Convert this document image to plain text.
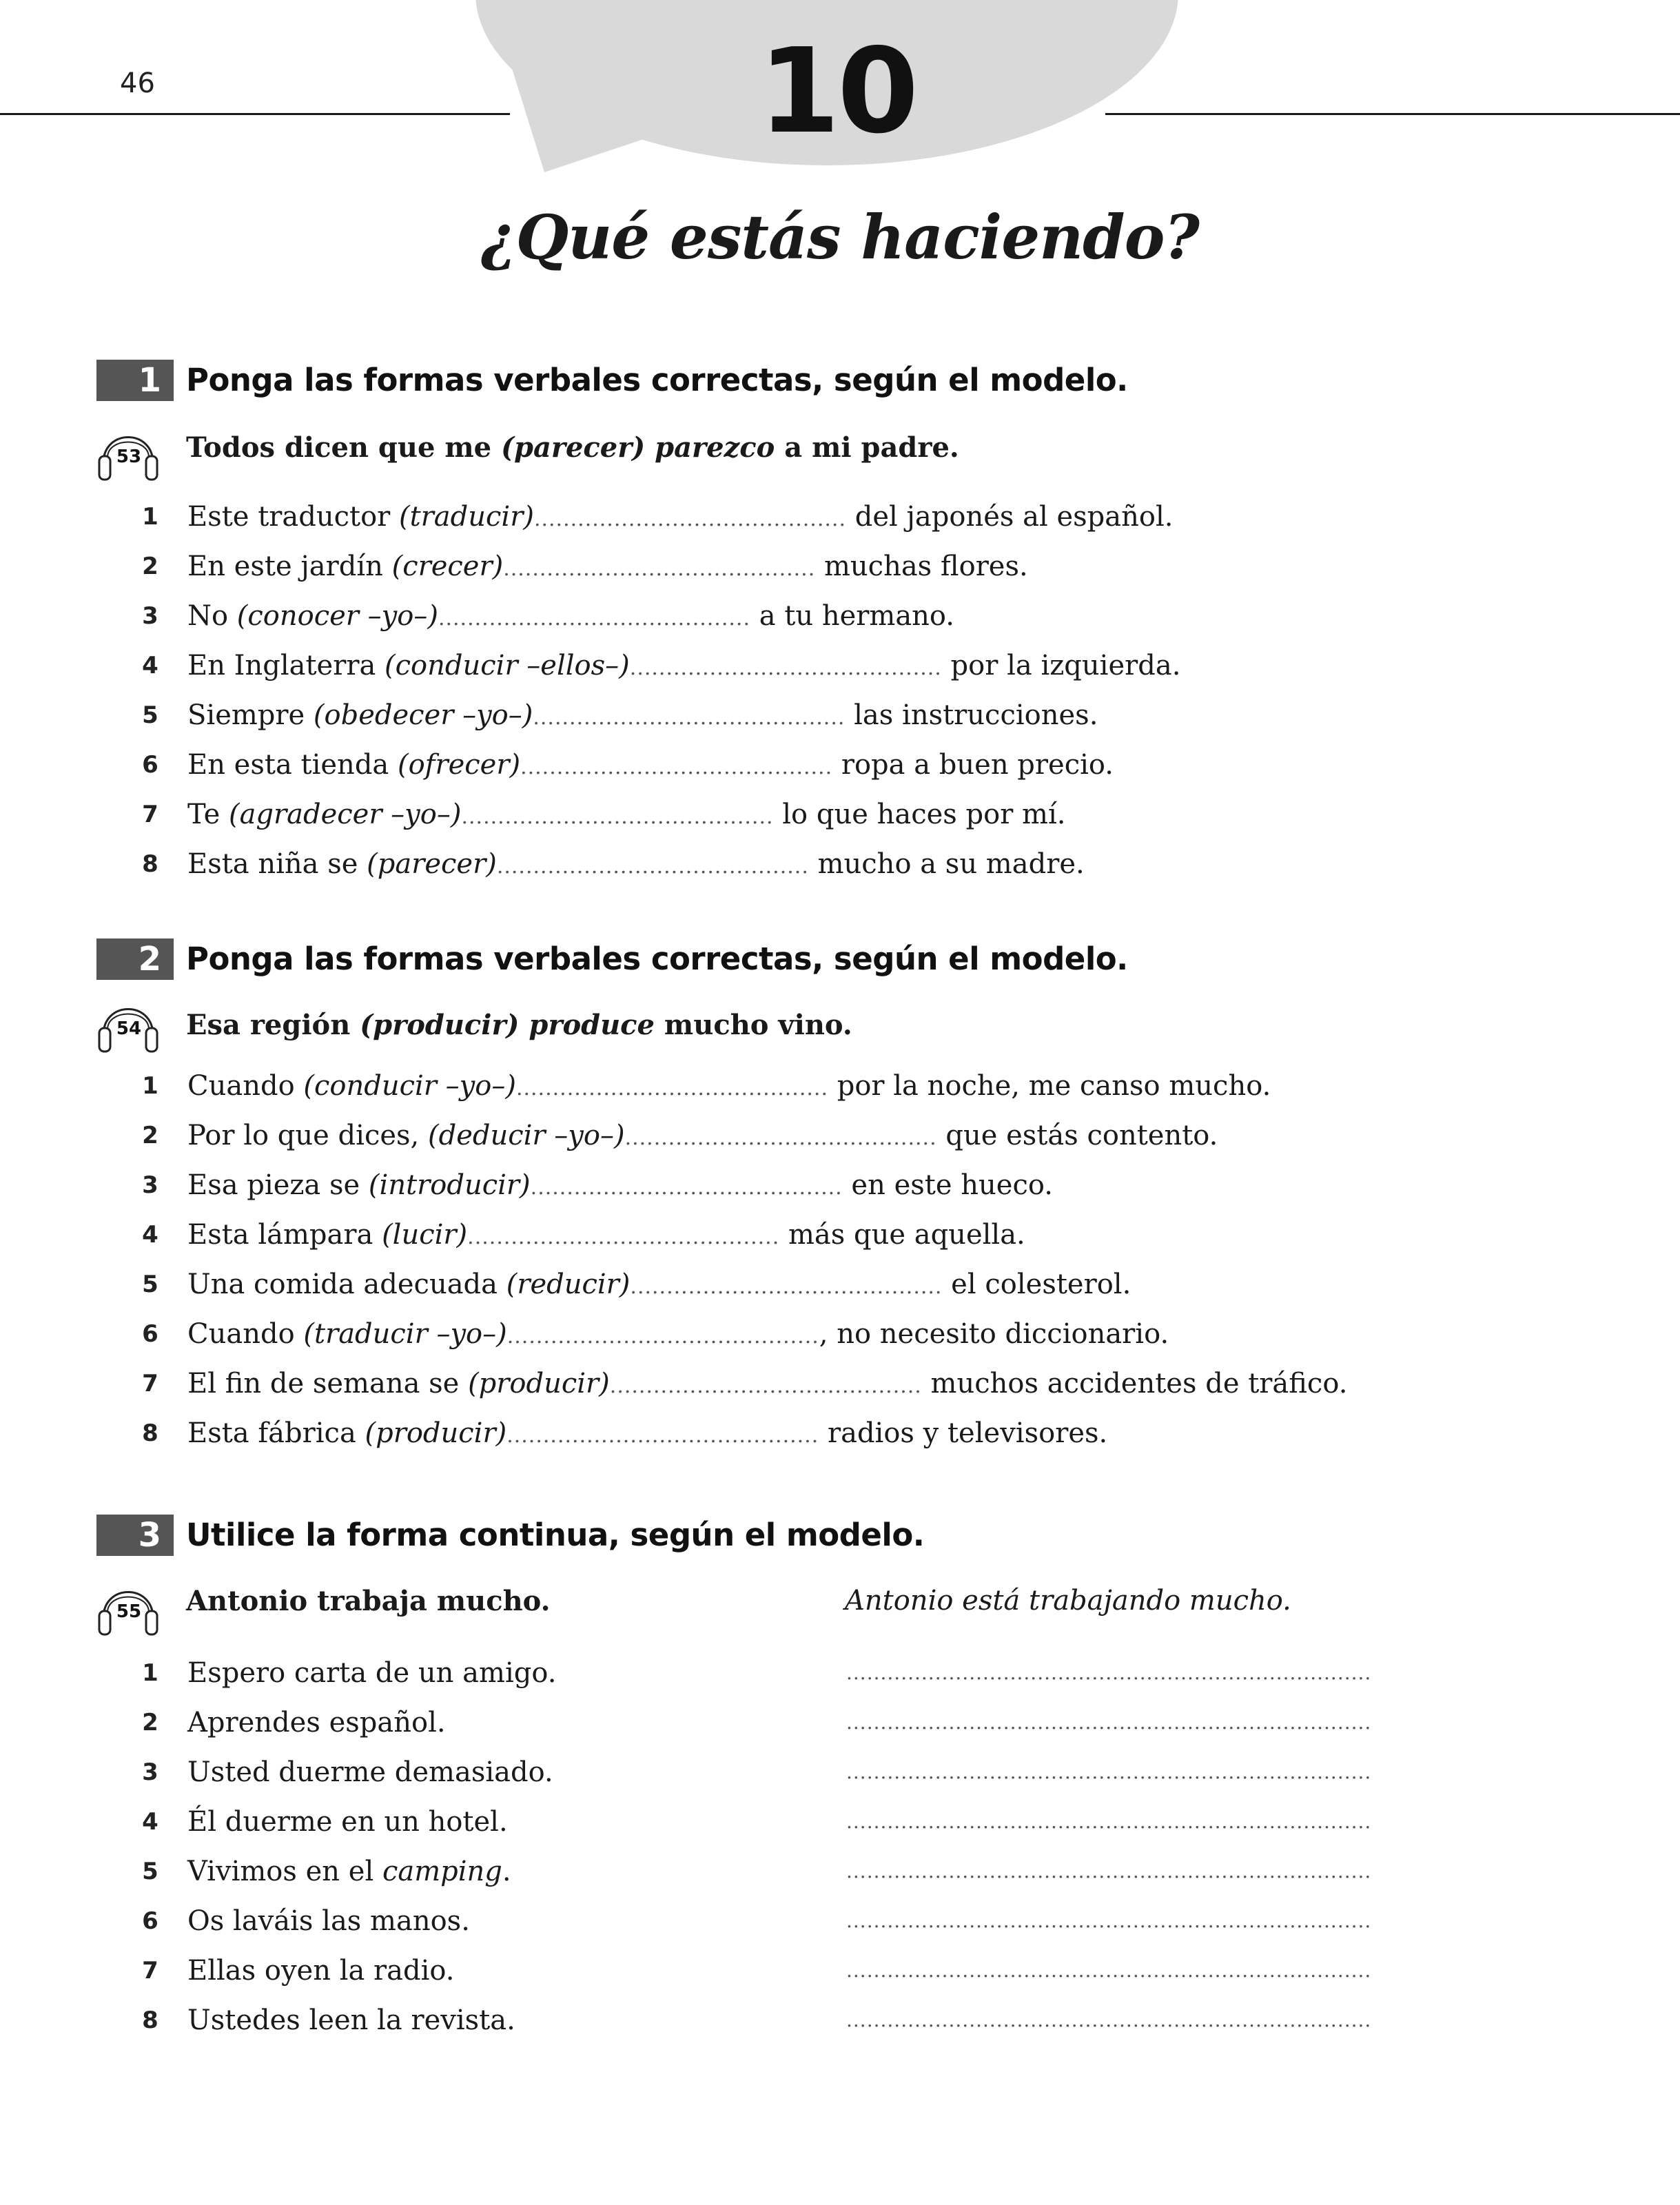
46	10
¿Qué estás haciendo?
1 Ponga las formas verbales correctas, según el modelo.
53 Todos dicen que me (parecer) parezco a mi padre.
1 Este traductor (traducir)........................................... del japonés al español.
2 En este jardín (crecer)........................................... muchas flores.
3 No (conocer –yo–)........................................... a tu hermano.
4 En Inglaterra (conducir –ellos–)........................................... por la izquierda.
5 Siempre (obedecer –yo–)........................................... las instrucciones.
6 En esta tienda (ofrecer)........................................... ropa a buen precio.
7 Te (agradecer –yo–)........................................... lo que haces por mí.
8 Esta niña se (parecer)........................................... mucho a su madre.
2 Ponga las formas verbales correctas, según el modelo.
54 Esa región (producir) produce mucho vino.
1 Cuando (conducir –yo–)........................................... por la noche, me canso mucho.
2 Por lo que dices, (deducir –yo–)........................................... que estás contento.
3 Esa pieza se (introducir)........................................... en este hueco.
4 Esta lámpara (lucir)........................................... más que aquella.
5 Una comida adecuada (reducir)........................................... el colesterol.
6 Cuando (traducir –yo–)..........................................., no necesito diccionario.
7 El fin de semana se (producir)........................................... muchos accidentes de tráfico.
8 Esta fábrica (producir)........................................... radios y televisores.
3 Utilice la forma continua, según el modelo.
55 Antonio trabaja mucho.	Antonio está trabajando mucho.
1 Espero carta de un amigo.	.............................................................................
2 Aprendes español.	.............................................................................
3 Usted duerme demasiado.	.............................................................................
4 Él duerme en un hotel.	.............................................................................
5 Vivimos en el camping.	.............................................................................
6 Os laváis las manos.	.............................................................................
7 Ellas oyen la radio.	.............................................................................
8 Ustedes leen la revista.	.............................................................................
